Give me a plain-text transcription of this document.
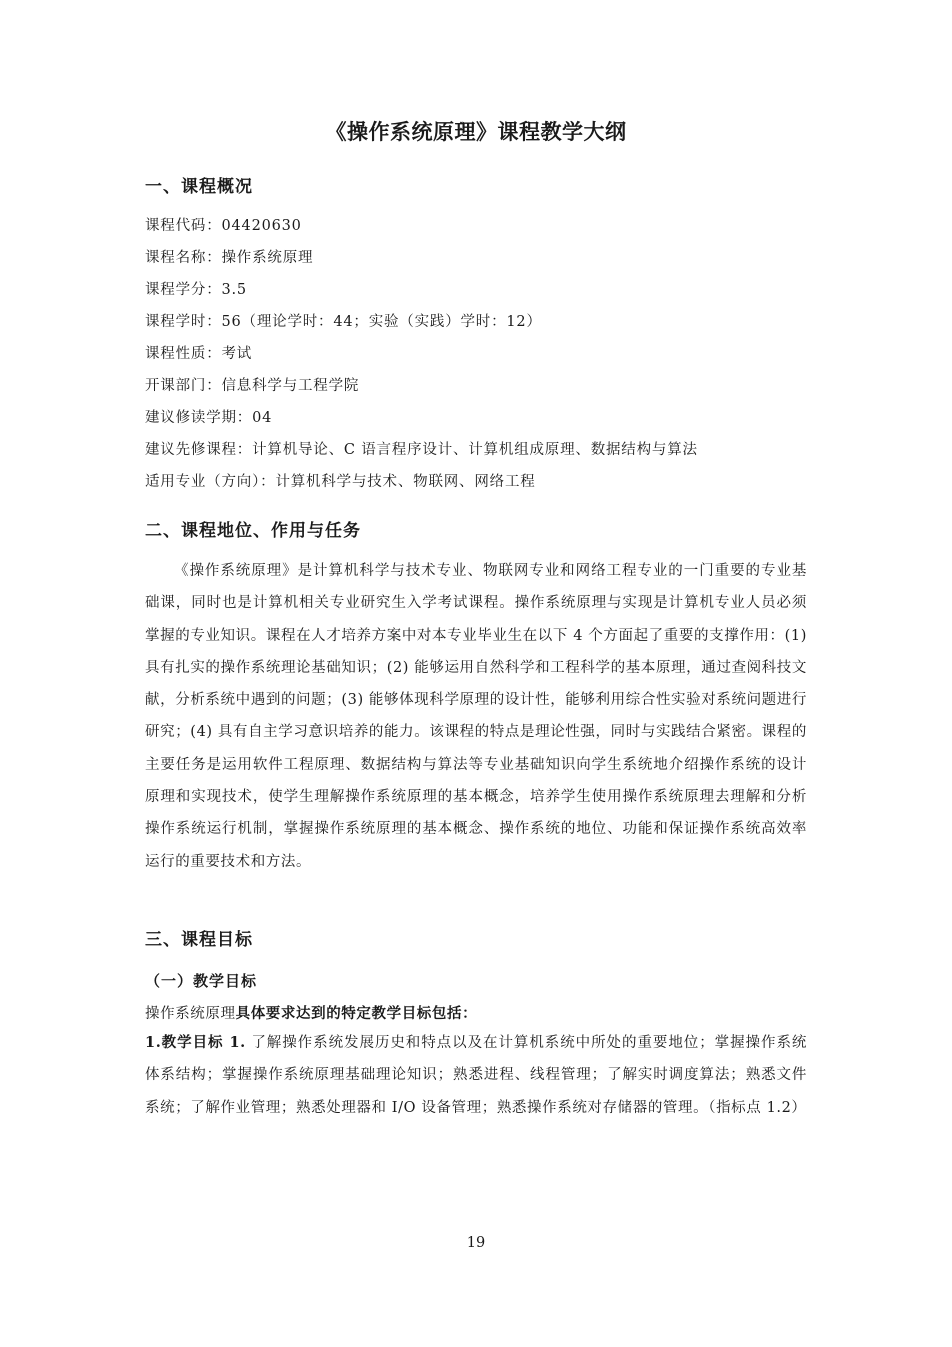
《操作系统原理》课程教学大纲
一、课程概况
课程代码：04420630
课程名称：操作系统原理
课程学分：3.5
课程学时：56（理论学时：44；实验（实践）学时：12）
课程性质：考试
开课部门：信息科学与工程学院
建议修读学期：04
建议先修课程：计算机导论、C 语言程序设计、计算机组成原理、数据结构与算法
适用专业（方向）：计算机科学与技术、物联网、网络工程
二、课程地位、作用与任务

《操作系统原理》是计算机科学与技术专业、物联网专业和网络工程专业的一门重要的专业基础课，同时也是计算机相关专业研究生入学考试课程。操作系统原理与实现是计算机专业人员必须掌握的专业知识。课程在人才培养方案中对本专业毕业生在以下 4 个方面起了重要的支撑作用：(1) 具有扎实的操作系统理论基础知识；(2) 能够运用自然科学和工程科学的基本原理，通过查阅科技文献，分析系统中遇到的问题；(3) 能够体现科学原理的设计性，能够利用综合性实验对系统问题进行研究；(4) 具有自主学习意识培养的能力。该课程的特点是理论性强，同时与实践结合紧密。课程的主要任务是运用软件工程原理、数据结构与算法等专业基础知识向学生系统地介绍操作系统的设计原理和实现技术，使学生理解操作系统原理的基本概念，培养学生使用操作系统原理去理解和分析操作系统运行机制，掌握操作系统原理的基本概念、操作系统的地位、功能和保证操作系统高效率运行的重要技术和方法。

三、课程目标
（一）教学目标
操作系统原理具体要求达到的特定教学目标包括：

1.教学目标 1. 了解操作系统发展历史和特点以及在计算机系统中所处的重要地位；掌握操作系统体系结构；掌握操作系统原理基础理论知识；熟悉进程、线程管理；了解实时调度算法；熟悉文件系统；了解作业管理；熟悉处理器和 I/O 设备管理；熟悉操作系统对存储器的管理。（指标点 1.2）

19
